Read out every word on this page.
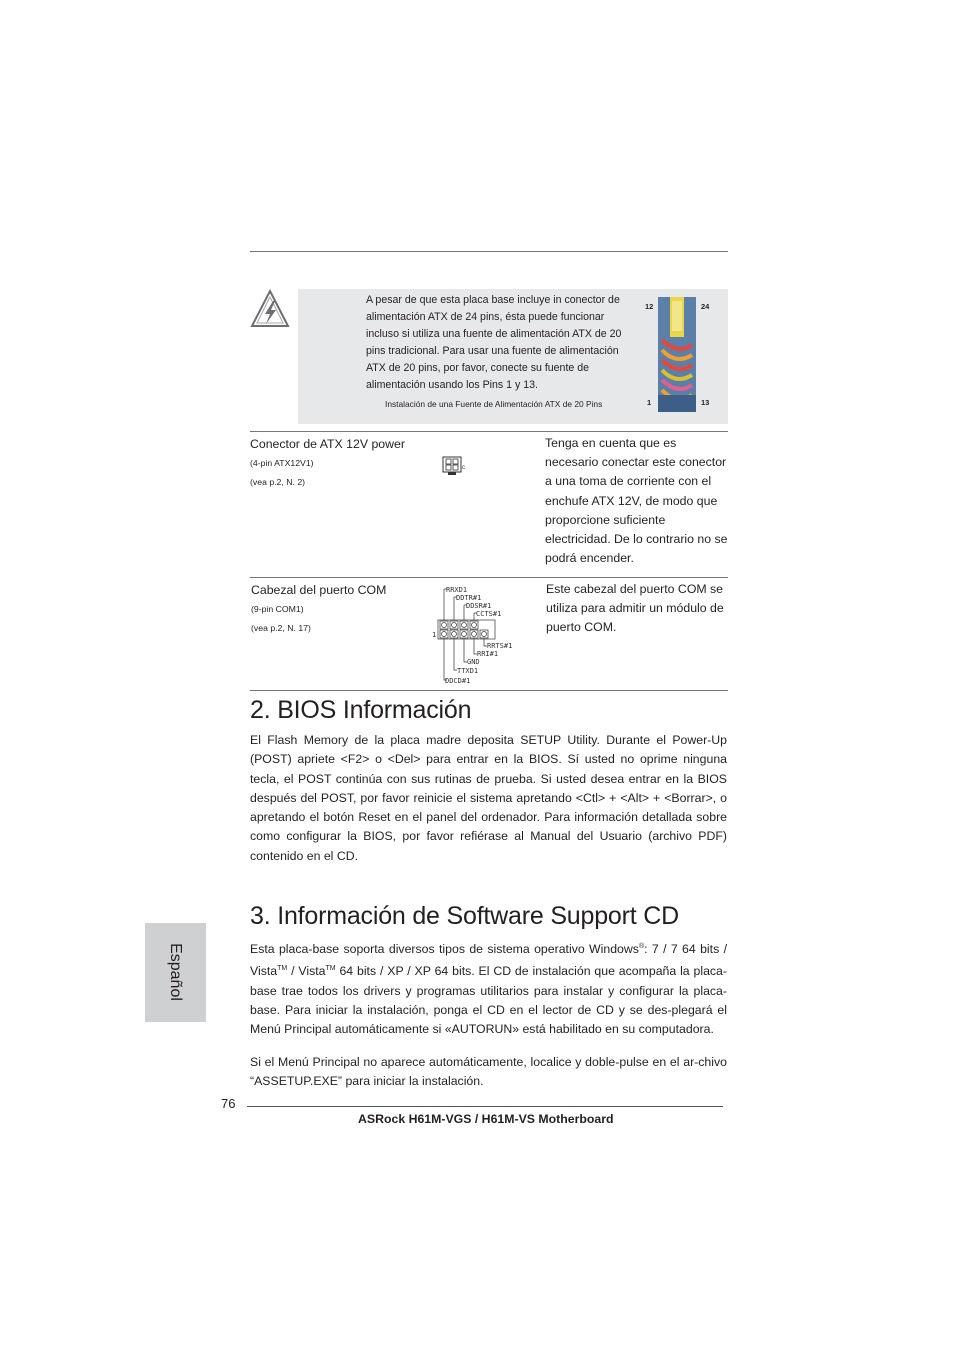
A pesar de que esta placa base incluye in conector de alimentación ATX de 24 pins, ésta puede funcionar incluso si utiliza una fuente de alimentación ATX de 20 pins tradicional. Para usar una fuente de alimentación ATX de 20 pins, por favor, conecte su fuente de alimentación usando los Pins 1 y 13.
Instalación de una Fuente de Alimentación ATX de 20 Pins
12	24
1	13
Conector de ATX 12V power
(4-pin ATX12V1)
(vea p.2, N. 2)
c
Tenga en cuenta que es necesario conectar este conector a una toma de corriente con el enchufe ATX 12V, de modo que proporcione suficiente electricidad. De lo contrario no se podrá encender.
Cabezal del puerto COM
(9-pin COM1)
(vea p.2, N. 17)
RRXD1
DDTR#1
DDSR#1
CCTS#1
1
RRTS#1
RRI#1
GND
TTXD1
DDCD#1
Este cabezal del puerto COM se utiliza para admitir un módulo de puerto COM.
2. BIOS Información
El Flash Memory de la placa madre deposita SETUP Utility. Durante el Power-Up (POST) apriete <F2> o <Del> para entrar en la BIOS. Sí usted no oprime ninguna tecla, el POST continúa con sus rutinas de prueba. Si usted desea entrar en la BIOS después del POST, por favor reinicie el sistema apretando <Ctl> + <Alt> + <Borrar>, o apretando el botón Reset en el panel del ordenador. Para información detallada sobre como configurar la BIOS, por favor refiérase al Manual del Usuario (archivo PDF) contenido en el CD.
3. Información de Software Support CD
Esta placa-base soporta diversos tipos de sistema operativo Windows®: 7 / 7 64 bits / Vista™ / Vista™ 64 bits / XP / XP 64 bits. El CD de instalación que acompaña la placa-base trae todos los drivers y programas utilitarios para instalar y configurar la placa-base. Para iniciar la instalación, ponga el CD en el lector de CD y se des-plegará el Menú Principal automáticamente si «AUTORUN» está habilitado en su computadora.
Si el Menú Principal no aparece automáticamente, localice y doble-pulse en el ar-chivo “ASSETUP.EXE” para iniciar la instalación.
Español
76
ASRock H61M-VGS / H61M-VS Motherboard
